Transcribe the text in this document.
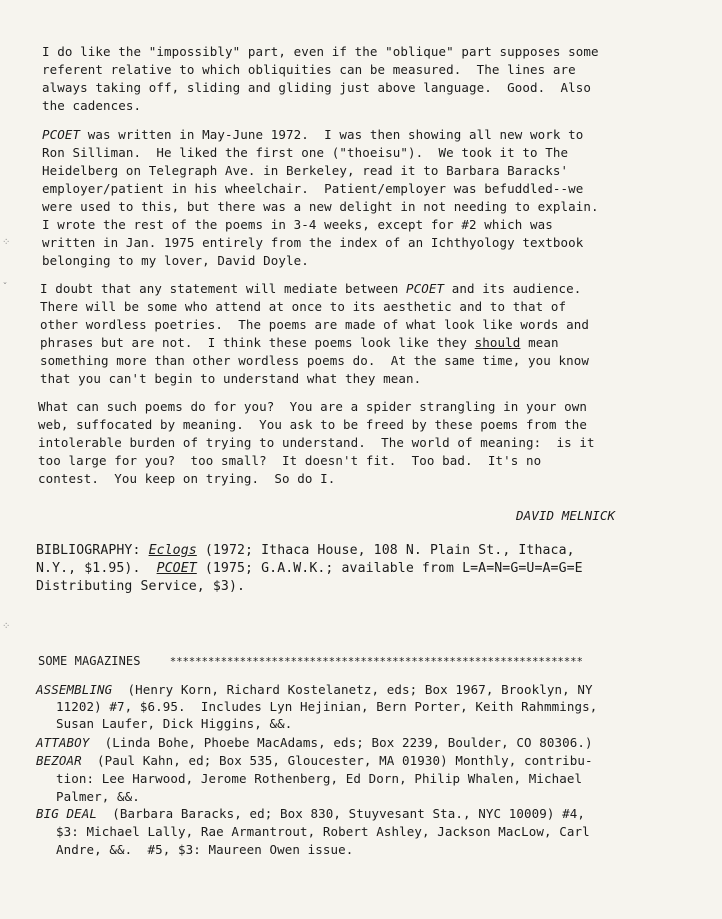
⁘
ˇ
⁘
I do like the "impossibly" part, even if the "oblique" part supposes some
referent relative to which obliquities can be measured.  The lines are
always taking off, sliding and gliding just above language.  Good.  Also
the cadences.
PCOET was written in May-June 1972.  I was then showing all new work to
Ron Silliman.  He liked the first one ("thoeisu").  We took it to The
Heidelberg on Telegraph Ave. in Berkeley, read it to Barbara Baracks'
employer/patient in his wheelchair.  Patient/employer was befuddled--we
were used to this, but there was a new delight in not needing to explain.
I wrote the rest of the poems in 3-4 weeks, except for #2 which was
written in Jan. 1975 entirely from the index of an Ichthyology textbook
belonging to my lover, David Doyle.
I doubt that any statement will mediate between PCOET and its audience.
There will be some who attend at once to its aesthetic and to that of
other wordless poetries.  The poems are made of what look like words and
phrases but are not.  I think these poems look like they should mean
something more than other wordless poems do.  At the same time, you know
that you can't begin to understand what they mean.
What can such poems do for you?  You are a spider strangling in your own
web, suffocated by meaning.  You ask to be freed by these poems from the
intolerable burden of trying to understand.  The world of meaning:  is it
too large for you?  too small?  It doesn't fit.  Too bad.  It's no
contest.  You keep on trying.  So do I.
DAVID MELNICK
BIBLIOGRAPHY: Eclogs (1972; Ithaca House, 108 N. Plain St., Ithaca,
N.Y., $1.95).  PCOET (1975; G.A.W.K.; available from L=A=N=G=U=A=G=E
Distributing Service, $3).
SOME MAGAZINES	*****************************************************************
ASSEMBLING  (Henry Korn, Richard Kostelanetz, eds; Box 1967, Brooklyn, NY
11202) #7, $6.95.  Includes Lyn Hejinian, Bern Porter, Keith Rahmmings,
Susan Laufer, Dick Higgins, &&.
ATTABOY  (Linda Bohe, Phoebe MacAdams, eds; Box 2239, Boulder, CO 80306.)
BEZOAR  (Paul Kahn, ed; Box 535, Gloucester, MA 01930) Monthly, contribu-
tion: Lee Harwood, Jerome Rothenberg, Ed Dorn, Philip Whalen, Michael
Palmer, &&.
BIG DEAL  (Barbara Baracks, ed; Box 830, Stuyvesant Sta., NYC 10009) #4,
$3: Michael Lally, Rae Armantrout, Robert Ashley, Jackson MacLow, Carl
Andre, &&.  #5, $3: Maureen Owen issue.
